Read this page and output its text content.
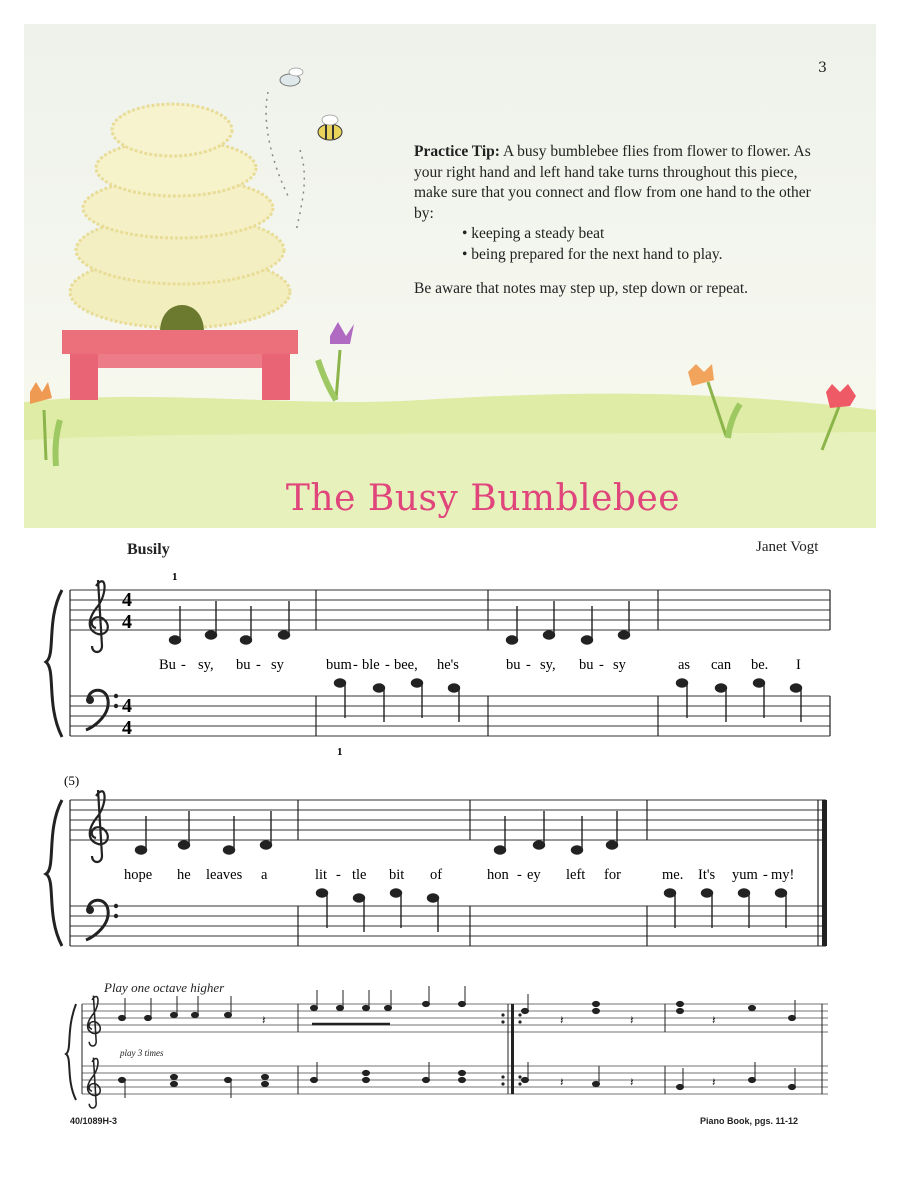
3
Practice Tip: A busy bumblebee flies from flower to flower. As your right hand and left hand take turns throughout this piece, make sure that you connect and flow from one hand to the other by:
• keeping a steady beat
• being prepared for the next hand to play.
Be aware that notes may step up, step down or repeat.
The Busy Bumblebee
Busily	Janet Vogt
4
4
4
4
1
1
Bu - sy, bu - sy	bum - ble - bee, he's	bu - sy, bu - sy	as can be. I
(5)
hope he leaves a	lit - tle bit of	hon - ey left for	me. It's yum - my!
𝄽	𝄽	𝄽	𝄽
𝄽	𝄽	𝄽
Play one octave higher
play 3 times
40/1089H-3	Piano Book, pgs. 11-12
